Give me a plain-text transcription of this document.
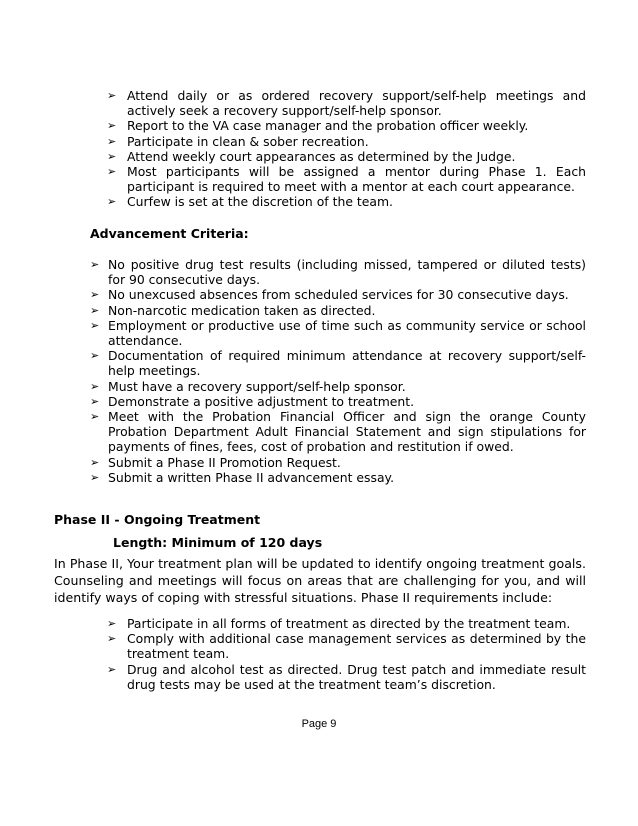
➢ Attend daily or as ordered recovery support/self-help meetings and actively seek a recovery support/self-help sponsor.
➢ Report to the VA case manager and the probation officer weekly.
➢ Participate in clean & sober recreation.
➢ Attend weekly court appearances as determined by the Judge.
➢ Most participants will be assigned a mentor during Phase 1. Each participant is required to meet with a mentor at each court appearance.
➢ Curfew is set at the discretion of the team.
Advancement Criteria:
➢ No positive drug test results (including missed, tampered or diluted tests) for 90 consecutive days.
➢ No unexcused absences from scheduled services for 30 consecutive days.
➢ Non-narcotic medication taken as directed.
➢ Employment or productive use of time such as community service or school attendance.
➢ Documentation of required minimum attendance at recovery support/self-help meetings.
➢ Must have a recovery support/self-help sponsor.
➢ Demonstrate a positive adjustment to treatment.
➢ Meet with the Probation Financial Officer and sign the orange County Probation Department Adult Financial Statement and sign stipulations for payments of fines, fees, cost of probation and restitution if owed.
➢ Submit a Phase II Promotion Request.
➢ Submit a written Phase II advancement essay.
Phase II - Ongoing Treatment
Length: Minimum of 120 days

In Phase II, Your treatment plan will be updated to identify ongoing treatment goals. Counseling and meetings will focus on areas that are challenging for you, and will identify ways of coping with stressful situations. Phase II requirements include:

➢ Participate in all forms of treatment as directed by the treatment team.
➢ Comply with additional case management services as determined by the treatment team.
➢ Drug and alcohol test as directed. Drug test patch and immediate result drug tests may be used at the treatment team’s discretion.

Page 9
